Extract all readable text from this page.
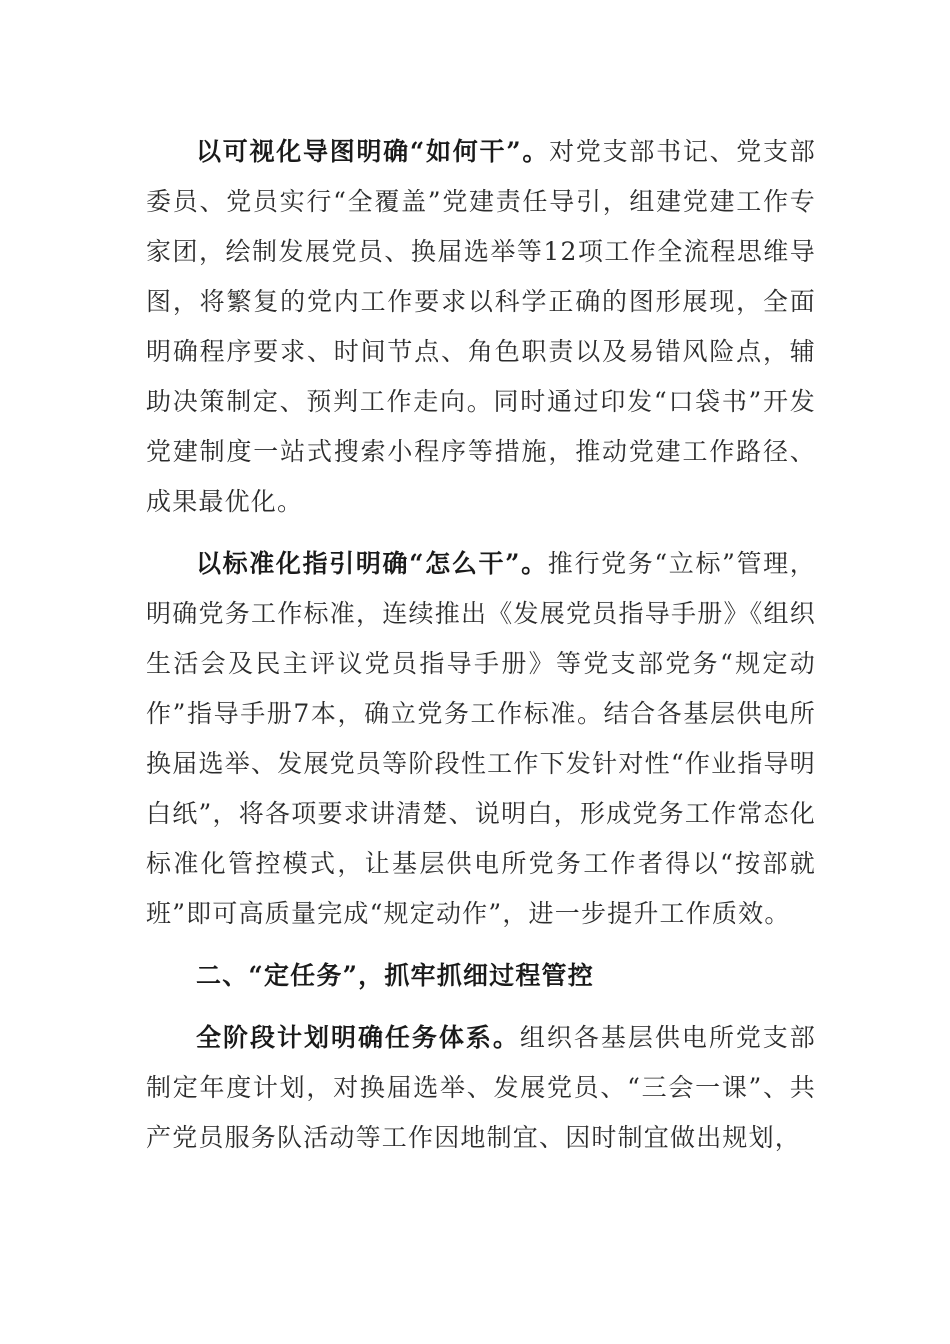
以可视化导图明确“如何干”。对党支部书记、党支部委员、党员实行“全覆盖”党建责任导引，组建党建工作专家团，绘制发展党员、换届选举等12项工作全流程思维导图，将繁复的党内工作要求以科学正确的图形展现，全面明确程序要求、时间节点、角色职责以及易错风险点，辅助决策制定、预判工作走向。同时通过印发“口袋书”开发党建制度一站式搜索小程序等措施，推动党建工作路径、成果最优化。

以标准化指引明确“怎么干”。推行党务“立标”管理，明确党务工作标准，连续推出《发展党员指导手册》《组织生活会及民主评议党员指导手册》等党支部党务“规定动作”指导手册7本，确立党务工作标准。结合各基层供电所换届选举、发展党员等阶段性工作下发针对性“作业指导明白纸”，将各项要求讲清楚、说明白，形成党务工作常态化标准化管控模式，让基层供电所党务工作者得以“按部就班”即可高质量完成“规定动作”，进一步提升工作质效。

二、“定任务”，抓牢抓细过程管控

全阶段计划明确任务体系。组织各基层供电所党支部制定年度计划，对换届选举、发展党员、“三会一课”、共产党员服务队活动等工作因地制宜、因时制宜做出规划，
